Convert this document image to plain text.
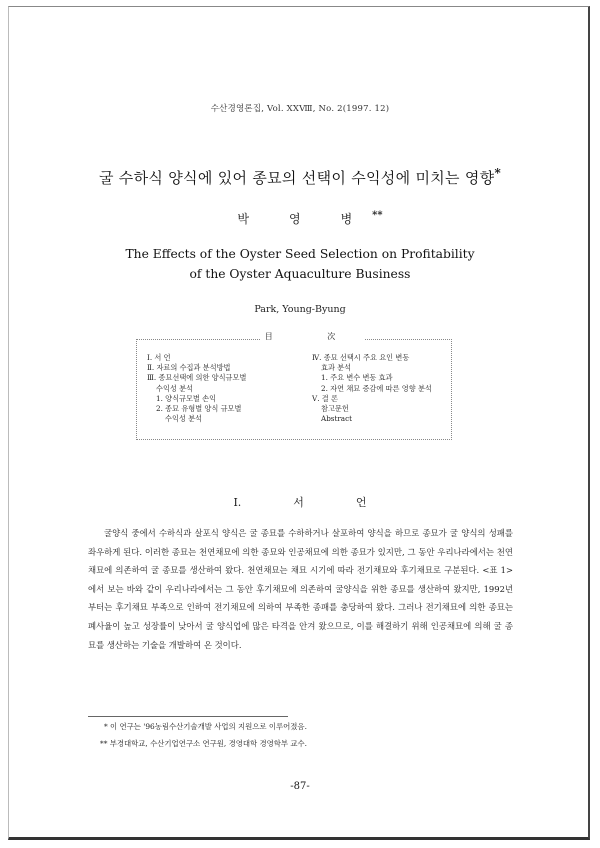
수산경영론집, Vol. XXⅧ, No. 2(1997. 12)
굴 수하식 양식에 있어 종묘의 선택이 수익성에 미치는 영향*
박	영	병 **
The Effects of the Oyster Seed Selection on Profitability
of the Oyster Aquaculture Business
Park, Young-Byung
目 次
Ⅰ. 서 언
Ⅱ. 자료의 수집과 분석방법
Ⅲ. 종묘선택에 의한 양식규모별
수익성 분석
1. 양식규모별 손익
2. 종묘 유형별 양식 규모별
수익성 분석
Ⅳ. 종묘 선택시 주요 요인 변동
효과 분석
1. 주요 변수 변동 효과
2. 자연 채묘 증감에 따른 영향 분석
Ⅴ. 결 론
참고문헌
Abstract
Ⅰ.	서	언

굴양식 중에서 수하식과 살포식 양식은 굴 종묘를 수하하거나 살포하여 양식을 하므로 종묘가 굴 양식의 성패를 좌우하게 된다. 이러한 종묘는 천연채묘에 의한 종묘와 인공채묘에 의한 종묘가 있지만, 그 동안 우리나라에서는 천연채묘에 의존하여 굴 종묘를 생산하여 왔다. 천연채묘는 채묘 시기에 따라 전기채묘와 후기채묘로 구분된다. <표 1>에서 보는 바와 같이 우리나라에서는 그 동안 후기채묘에 의존하여 굴양식을 위한 종묘를 생산하여 왔지만, 1992년부터는 후기채묘 부족으로 인하여 전기채묘에 의하여 부족한 종패를 충당하여 왔다. 그러나 전기채묘에 의한 종묘는 폐사율이 높고 성장률이 낮아서 굴 양식업에 많은 타격을 안겨 왔으므로, 이를 해결하기 위해 인공채묘에 의해 굴 종묘를 생산하는 기술을 개발하여 온 것이다.

* 이 연구는 '96농림수산기술개발 사업의 지원으로 이루어졌음.
** 부경대학교, 수산기업연구소 연구원, 경영대학 경영학부 교수.
-87-
